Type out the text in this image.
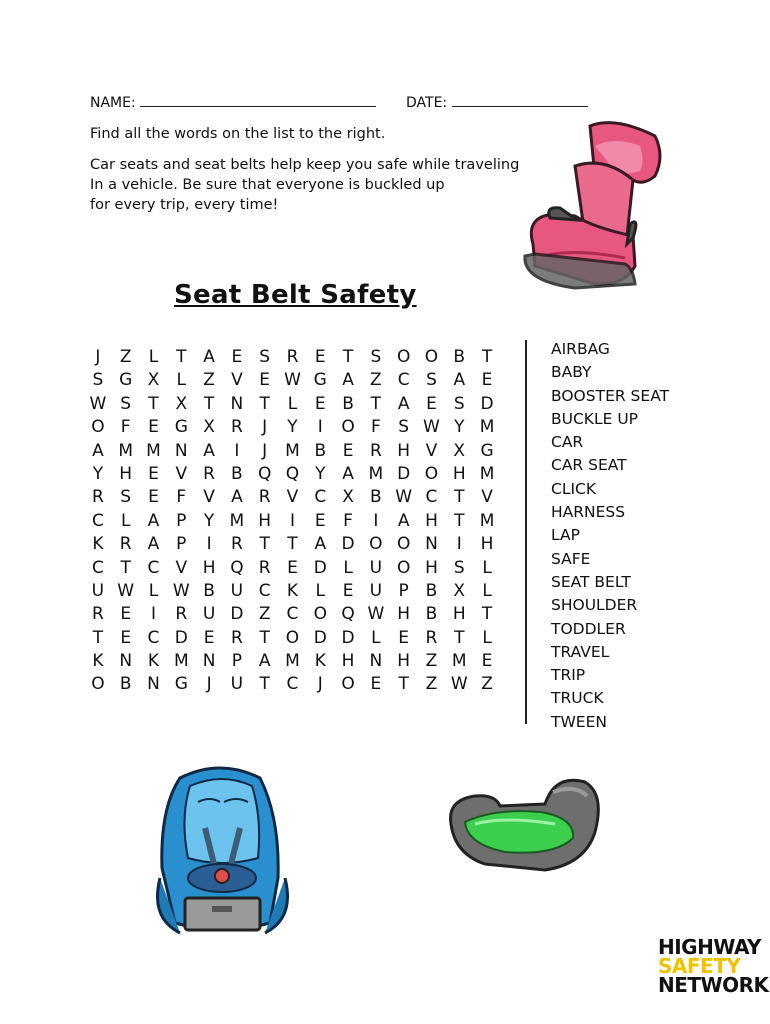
NAME:	DATE:
Find all the words on the list to the right.
Car seats and seat belts help keep you safe while traveling
In a vehicle. Be sure that everyone is buckled up
for every trip, every time!
Seat Belt Safety
J	Z	L	T A E	S R E	T	S O O B T
S G X	L	Z V E W G A Z C S A E
W S	T X T N T	L	E B T A E	S D
O F	E G X R	J	Y	I	O F	S W Y M
A M M N A	I	J	M B E R H V X G
Y H E V R B Q Q Y A M D O H M
R S	E	F	V A R V C X B W C T V
C	L	A P	Y M H	I	E	F	I	A H T M
K R A P	I	R T	T A D O O N	I	H
C T C V H Q R E D L U O H S	L
U W L W B U C K	L	E U P B X	L
R E	I	R U D Z C O Q W H B H T
T	E C D E R T O D D L	E R T	L
K N K M N P A M K H N H Z M E
O B N G	J	U T C	J	O E	T Z W Z
AIRBAG
BABY
BOOSTER SEAT
BUCKLE UP
CAR
CAR SEAT
CLICK
HARNESS
LAP
SAFE
SEAT BELT
SHOULDER
TODDLER
TRAVEL
TRIP
TRUCK
TWEEN
HIGHWAY
SAFETY
NETWORK
